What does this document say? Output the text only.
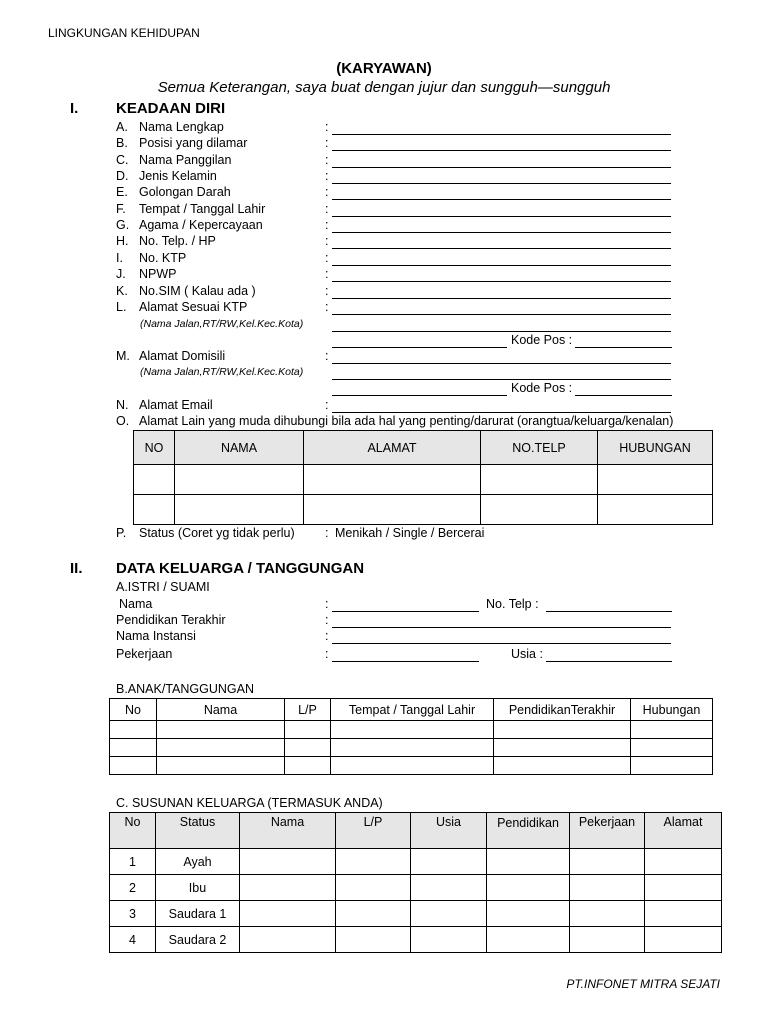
LINGKUNGAN KEHIDUPAN
(KARYAWAN)
Semua Keterangan, saya buat dengan jujur dan sungguh—sungguh
I.	KEADAAN DIRI
A. Nama Lengkap	:
B. Posisi yang dilamar	:
C. Nama Panggilan	:
D. Jenis Kelamin	:
E. Golongan Darah	:
F. Tempat / Tanggal Lahir	:
G. Agama / Kepercayaan	:
H. No. Telp. / HP	:
I. No. KTP	:
J. NPWP	:
K. No.SIM ( Kalau ada )	:
L. Alamat Sesuai KTP	:
(Nama Jalan,RT/RW,Kel.Kec.Kota)
Kode Pos :
M. Alamat Domisili	:
(Nama Jalan,RT/RW,Kel.Kec.Kota)
Kode Pos :
N. Alamat Email	:
O. Alamat Lain yang muda dihubungi bila ada hal yang penting/darurat (orangtua/keluarga/kenalan)
NO	NAMA	ALAMAT	NO.TELP	HUBUNGAN

P. Status (Coret yg tidak perlu) : Menikah / Single / Bercerai
II. DATA KELUARGA / TANGGUNGAN
A.ISTRI / SUAMI
Nama	:	No. Telp :
Pendidikan Terakhir	:
Nama Instansi	:
Pekerjaan	:	Usia :
B.ANAK/TANGGUNGAN
No	Nama	L/P	Tempat / Tanggal Lahir	PendidikanTerakhir	Hubungan

C. SUSUNAN KELUARGA (TERMASUK ANDA)
No	Status	Nama	L/P	Usia	Pendidikan	Pekerjaan	Alamat
1	Ayah						
2	Ibu						
3	Saudara 1						
4	Saudara 2						
PT.INFONET MITRA SEJATI
